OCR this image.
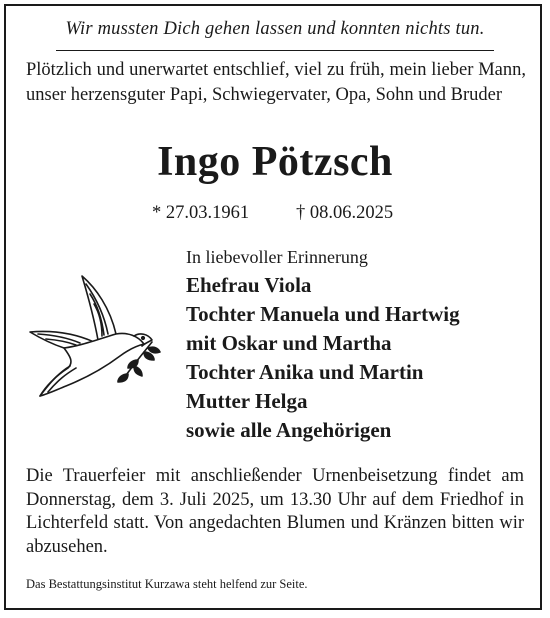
Wir mussten Dich gehen lassen und konnten nichts tun.
Plötzlich und unerwartet entschlief, viel zu früh, mein lieber Mann, unser herzensguter Papi, Schwiegervater, Opa, Sohn und Bruder
Ingo Pötzsch
* 27.03.1961	† 08.06.2025
In liebevoller Erinnerung
Ehefrau Viola
Tochter Manuela und Hartwig
mit Oskar und Martha
Tochter Anika und Martin
Mutter Helga
sowie alle Angehörigen
Die Trauerfeier mit anschließender Urnenbeisetzung findet am Donnerstag, dem 3. Juli 2025, um 13.30 Uhr auf dem Friedhof in Lichterfeld statt. Von angedachten Blumen und Kränzen bitten wir abzusehen.
Das Bestattungsinstitut Kurzawa steht helfend zur Seite.
